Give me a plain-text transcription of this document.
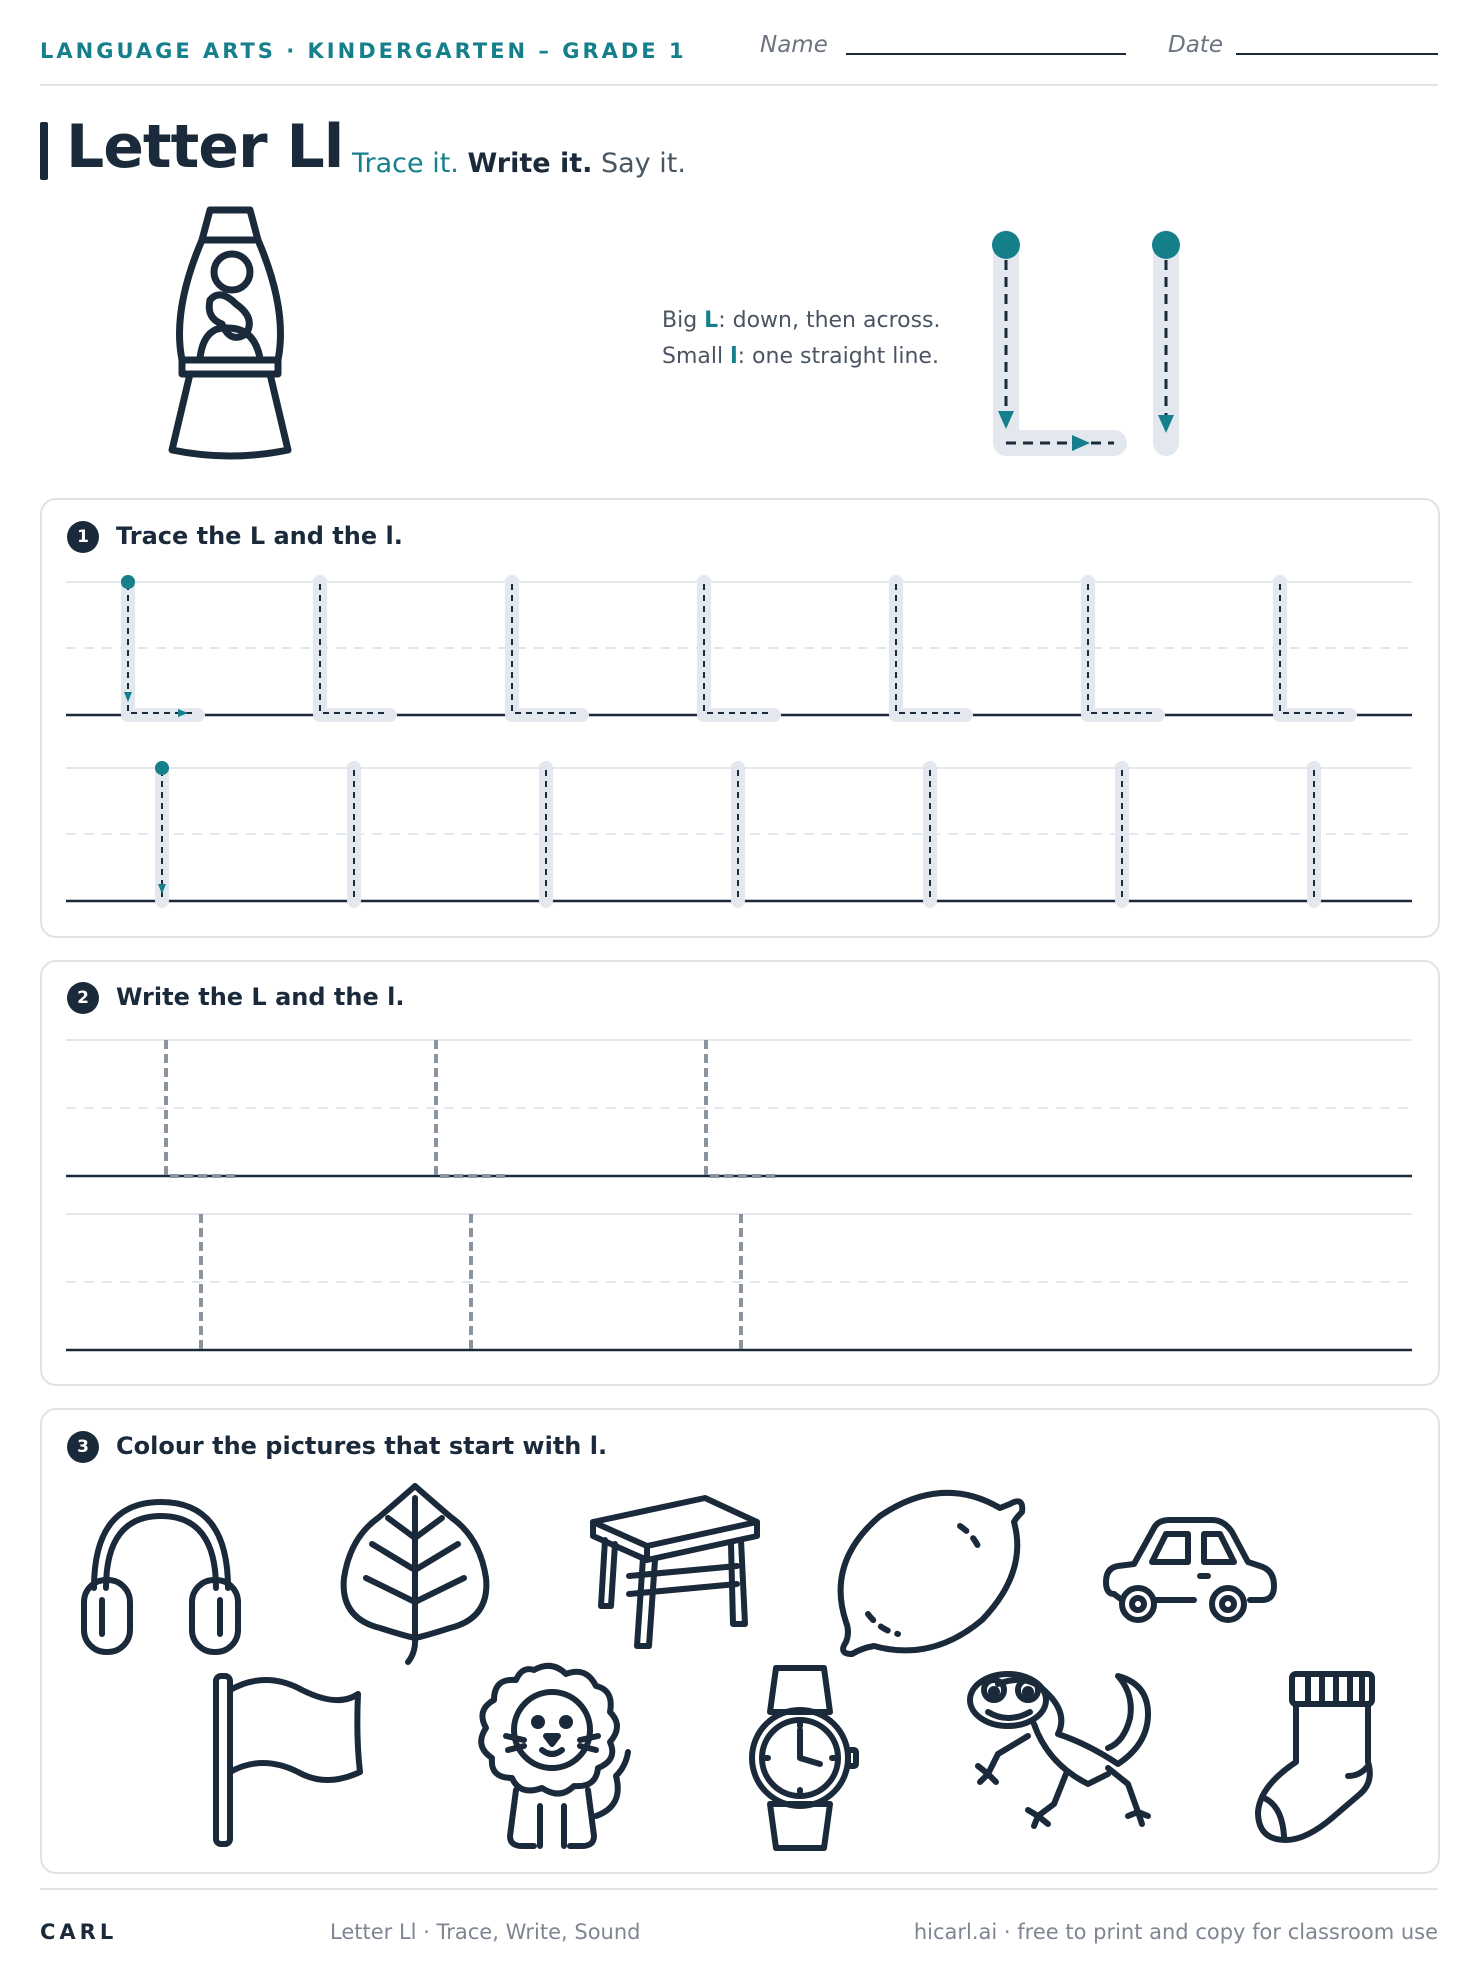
LANGUAGE ARTS · KINDERGARTEN – GRADE 1	Name	Date
Letter Ll Trace it. Write it. Say it.
Big L: down, then across.
Small l: one straight line.
1	Trace the L and the l.
2	Write the L and the l.
3	Colour the pictures that start with l.
CARL	Letter Ll · Trace, Write, Sound	hicarl.ai · free to print and copy for classroom use
